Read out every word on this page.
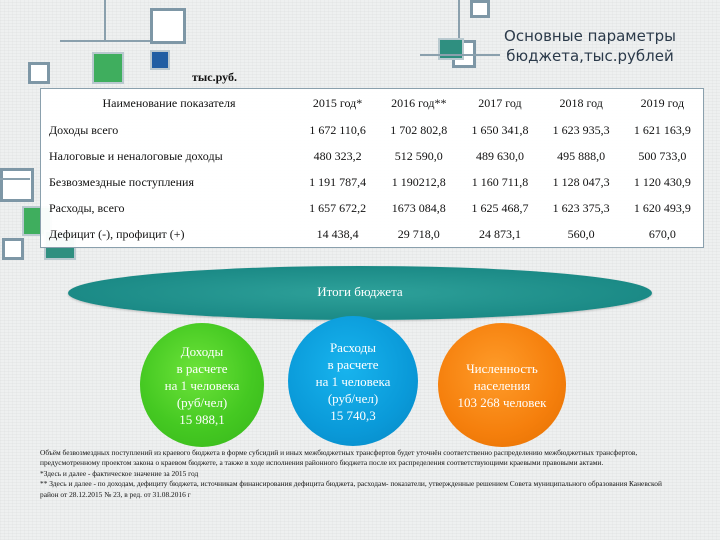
Основные параметры
бюджета,тыс.рублей
тыс.руб.
Наименование показателя	2015 год*	2016 год**	2017 год	2018 год	2019 год
Доходы всего	1 672 110,6	1 702 802,8	1 650 341,8	1 623 935,3	1 621 163,9
Налоговые и неналоговые доходы	480 323,2	512 590,0	489 630,0	495 888,0	500 733,0
Безвозмездные поступления	1 191 787,4	1 190212,8	1 160 711,8	1 128 047,3	1 120 430,9
Расходы, всего	1 657 672,2	1673 084,8	1 625 468,7	1 623 375,3	1 620 493,9
Дефицит (-), профицит (+)	14 438,4	29 718,0	24 873,1	560,0	670,0
Итоги бюджета
Доходы
в расчете
на 1 человека
(руб/чел)
15 988,1
Расходы
в расчете
на 1 человека
(руб/чел)
15 740,3
Численность
населения
103 268 человек

Объём безвозмездных поступлений из краевого бюджета в форме субсидий и иных межбюджетных трансфертов будет уточнён соответственно распределению межбюджетных трансфертов, предусмотренному проектом закона о краевом бюджете, а также в ходе исполнения районного бюджета после их распределения соответствующими краевыми правовыми актами.

*Здесь и далее - фактическое значение за 2015 год

** Здесь и далее - по доходам, дефициту бюджета, источникам финансирования дефицита бюджета, расходам- показатели, утвержденные решением Совета муниципального образования Каневской район от 28.12.2015 № 23, в ред. от 31.08.2016 г
